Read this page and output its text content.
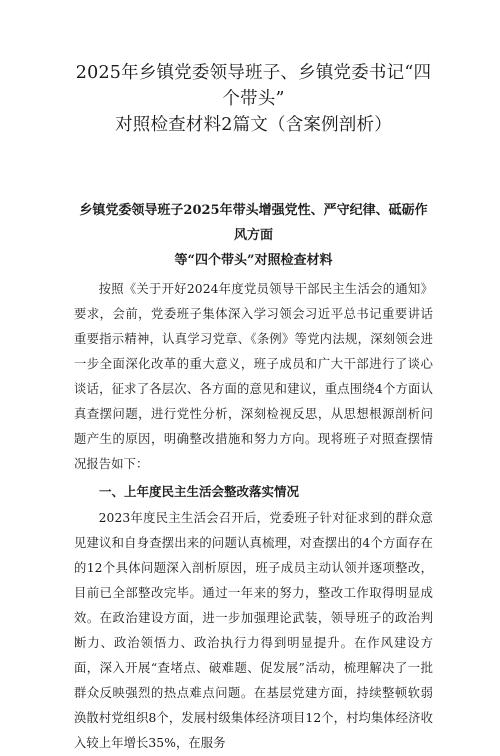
2025年乡镇党委领导班子、乡镇党委书记“四个带头”
对照检查材料2篇文（含案例剖析）
乡镇党委领导班子2025年带头增强党性、严守纪律、砥砺作风方面
等“四个带头”对照检查材料

按照《关于开好2024年度党员领导干部民主生活会的通知》要求，会前，党委班子集体深入学习领会习近平总书记重要讲话重要指示精神，认真学习党章、《条例》等党内法规，深刻领会进一步全面深化改革的重大意义，班子成员和广大干部进行了谈心谈话，征求了各层次、各方面的意见和建议，重点围绕4个方面认真查摆问题，进行党性分析，深刻检视反思，从思想根源剖析问题产生的原因，明确整改措施和努力方向。现将班子对照查摆情况报告如下：

一、上年度民主生活会整改落实情况

2023年度民主生活会召开后，党委班子针对征求到的群众意见建议和自身查摆出来的问题认真梳理，对查摆出的4个方面存在的12个具体问题深入剖析原因，班子成员主动认领并逐项整改，目前已全部整改完毕。通过一年来的努力，整改工作取得明显成效。在政治建设方面，进一步加强理论武装，领导班子的政治判断力、政治领悟力、政治执行力得到明显提升。在作风建设方面，深入开展“查堵点、破难题、促发展”活动，梳理解决了一批群众反映强烈的热点难点问题。在基层党建方面，持续整顿软弱涣散村党组织8个，发展村级集体经济项目12个，村均集体经济收入较上年增长35%，在服务
